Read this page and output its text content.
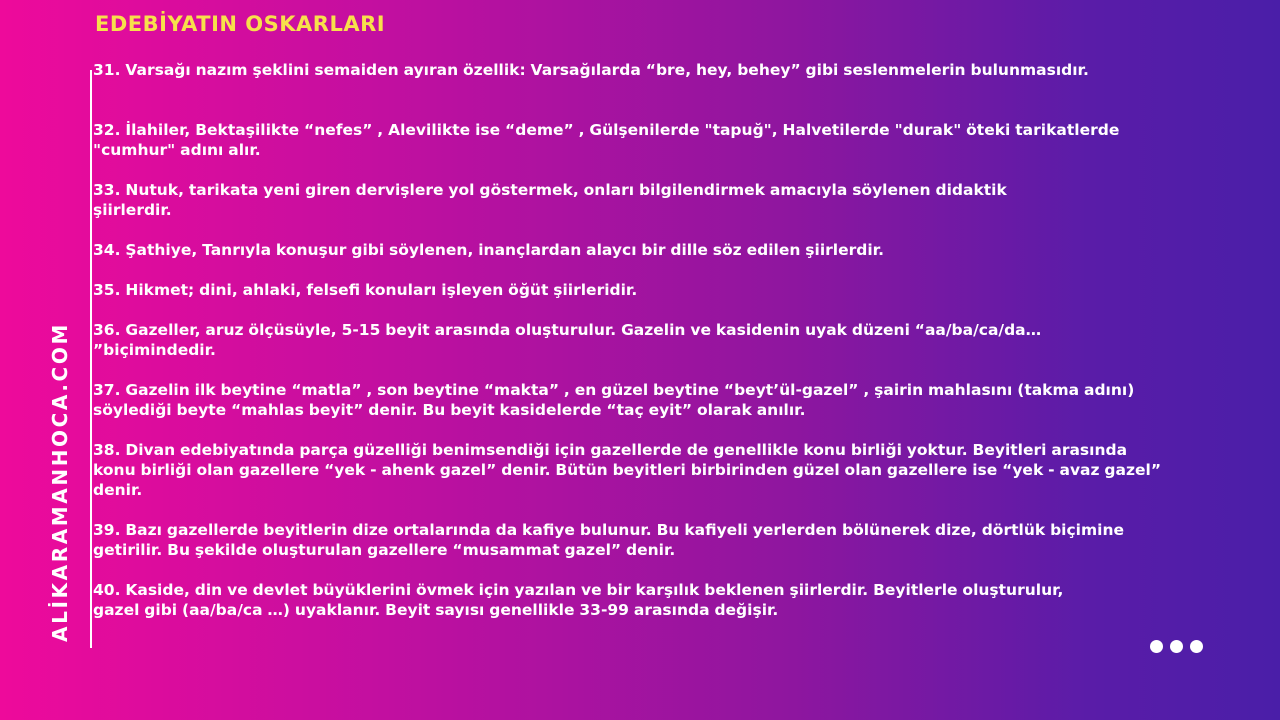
EDEBİYATIN OSKARLARI
ALİKARAMANHOCA.COM

31. Varsağı nazım şeklini semaiden ayıran özellik: Varsağılarda “bre, hey, behey” gibi seslenmelerin bulunmasıdır.

32. İlahiler, Bektaşilikte “nefes” , Alevilikte ise “deme” , Gülşenilerde "tapuğ", Halvetilerde "durak" öteki tarikatlerde
"cumhur" adını alır.

33. Nutuk, tarikata yeni giren dervişlere yol göstermek, onları bilgilendirmek amacıyla söylenen didaktik
şiirlerdir.

34. Şathiye, Tanrıyla konuşur gibi söylenen, inançlardan alaycı bir dille söz edilen şiirlerdir.

35. Hikmet; dini, ahlaki, felsefi konuları işleyen öğüt şiirleridir.

36. Gazeller, aruz ölçüsüyle, 5-15 beyit arasında oluşturulur. Gazelin ve kasidenin uyak düzeni “aa/ba/ca/da…
”biçimindedir.

37. Gazelin ilk beytine “matla” , son beytine “makta” , en güzel beytine “beyt’ül-gazel” , şairin mahlasını (takma adını)
söylediği beyte “mahlas beyit” denir. Bu beyit kasidelerde “taç eyit” olarak anılır.

38. Divan edebiyatında parça güzelliği benimsendiği için gazellerde de genellikle konu birliği yoktur. Beyitleri arasında
konu birliği olan gazellere “yek - ahenk gazel” denir. Bütün beyitleri birbirinden güzel olan gazellere ise “yek - avaz gazel”
denir.

39. Bazı gazellerde beyitlerin dize ortalarında da kafiye bulunur. Bu kafiyeli yerlerden bölünerek dize, dörtlük biçimine
getirilir. Bu şekilde oluşturulan gazellere “musammat gazel” denir.

40. Kaside, din ve devlet büyüklerini övmek için yazılan ve bir karşılık beklenen şiirlerdir. Beyitlerle oluşturulur,
gazel gibi (aa/ba/ca …) uyaklanır. Beyit sayısı genellikle 33-99 arasında değişir.
